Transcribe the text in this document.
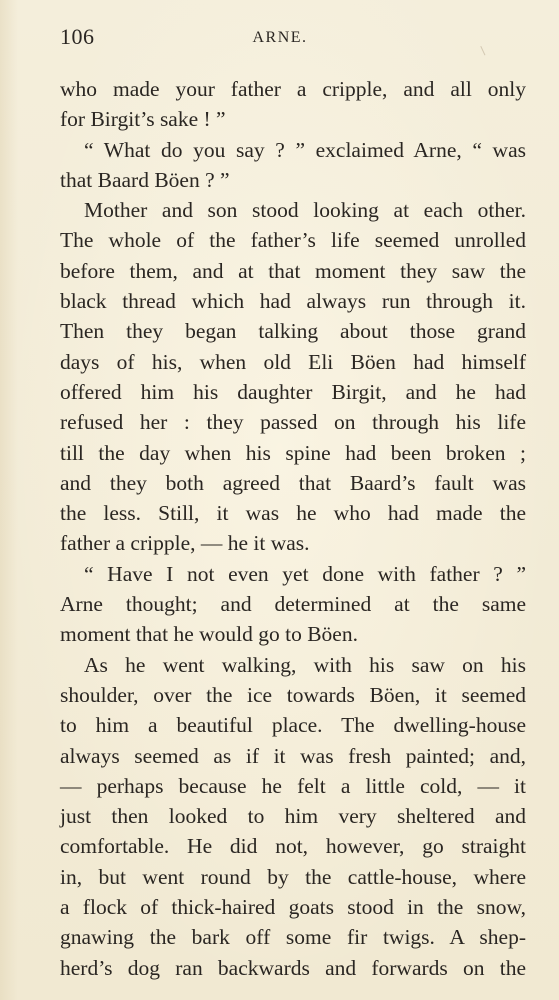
106	ARNE.
who made your father a cripple, and all only
for Birgit’s sake ! ”
“ What do you say ? ” exclaimed Arne, “ was
that Baard Böen ? ”
Mother and son stood looking at each other.
The whole of the father’s life seemed unrolled
before them, and at that moment they saw the
black thread which had always run through it.
Then they began talking about those grand
days of his, when old Eli Böen had himself
offered him his daughter Birgit, and he had
refused her : they passed on through his life
till the day when his spine had been broken ;
and they both agreed that Baard’s fault was
the less. Still, it was he who had made the
father a cripple, — he it was.
“ Have I not even yet done with father ? ”
Arne thought; and determined at the same
moment that he would go to Böen.
As he went walking, with his saw on his
shoulder, over the ice towards Böen, it seemed
to him a beautiful place. The dwelling-house
always seemed as if it was fresh painted; and,
— perhaps because he felt a little cold, — it
just then looked to him very sheltered and
comfortable. He did not, however, go straight
in, but went round by the cattle-house, where
a flock of thick-haired goats stood in the snow,
gnawing the bark off some fir twigs. A shep-
herd’s dog ran backwards and forwards on the
